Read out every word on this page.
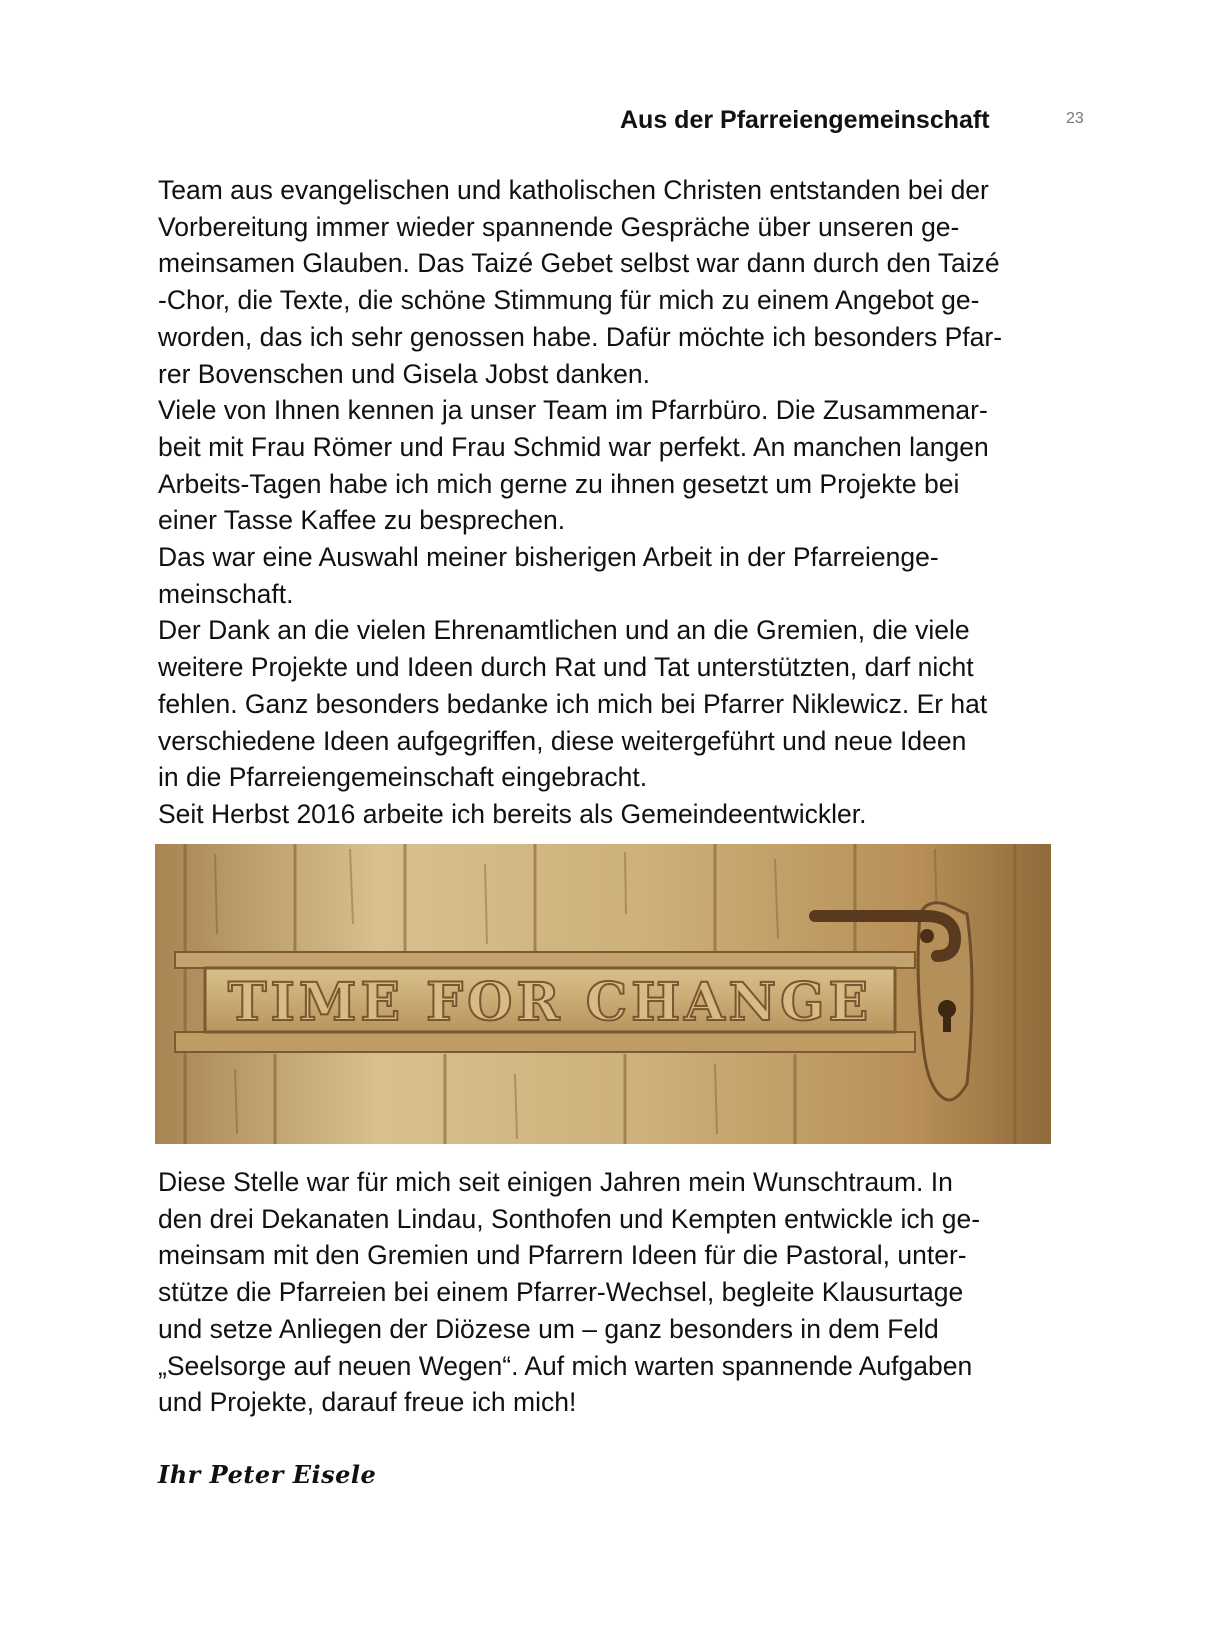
Aus der Pfarreiengemeinschaft	23
Team aus evangelischen und katholischen Christen entstanden bei der
Vorbereitung immer wieder spannende Gespräche über unseren ge-
meinsamen Glauben. Das Taizé Gebet selbst war dann durch den Taizé
-Chor, die Texte, die schöne Stimmung für mich zu einem Angebot ge-
worden, das ich sehr genossen habe. Dafür möchte ich besonders Pfar-
rer Bovenschen und Gisela Jobst danken.
Viele von Ihnen kennen ja unser Team im Pfarrbüro. Die Zusammenar-
beit mit Frau Römer und Frau Schmid war perfekt. An manchen langen
Arbeits-Tagen habe ich mich gerne zu ihnen gesetzt um Projekte bei
einer Tasse Kaffee zu besprechen.
Das war eine Auswahl meiner bisherigen Arbeit in der Pfarreienge-
meinschaft.
Der Dank an die vielen Ehrenamtlichen und an die Gremien, die viele
weitere Projekte und Ideen durch Rat und Tat unterstützten, darf nicht
fehlen. Ganz besonders bedanke ich mich bei Pfarrer Niklewicz. Er hat
verschiedene Ideen aufgegriffen, diese weitergeführt und neue Ideen
in die Pfarreiengemeinschaft eingebracht.
Seit Herbst 2016 arbeite ich bereits als Gemeindeentwickler.
TIME FOR CHANGE
Diese Stelle war für mich seit einigen Jahren mein Wunschtraum. In
den drei Dekanaten Lindau, Sonthofen und Kempten entwickle ich ge-
meinsam mit den Gremien und Pfarrern Ideen für die Pastoral, unter-
stütze die Pfarreien bei einem Pfarrer-Wechsel, begleite Klausurtage
und setze Anliegen der Diözese um – ganz besonders in dem Feld
„Seelsorge auf neuen Wegen“. Auf mich warten spannende Aufgaben
und Projekte, darauf freue ich mich!
Ihr Peter Eisele
